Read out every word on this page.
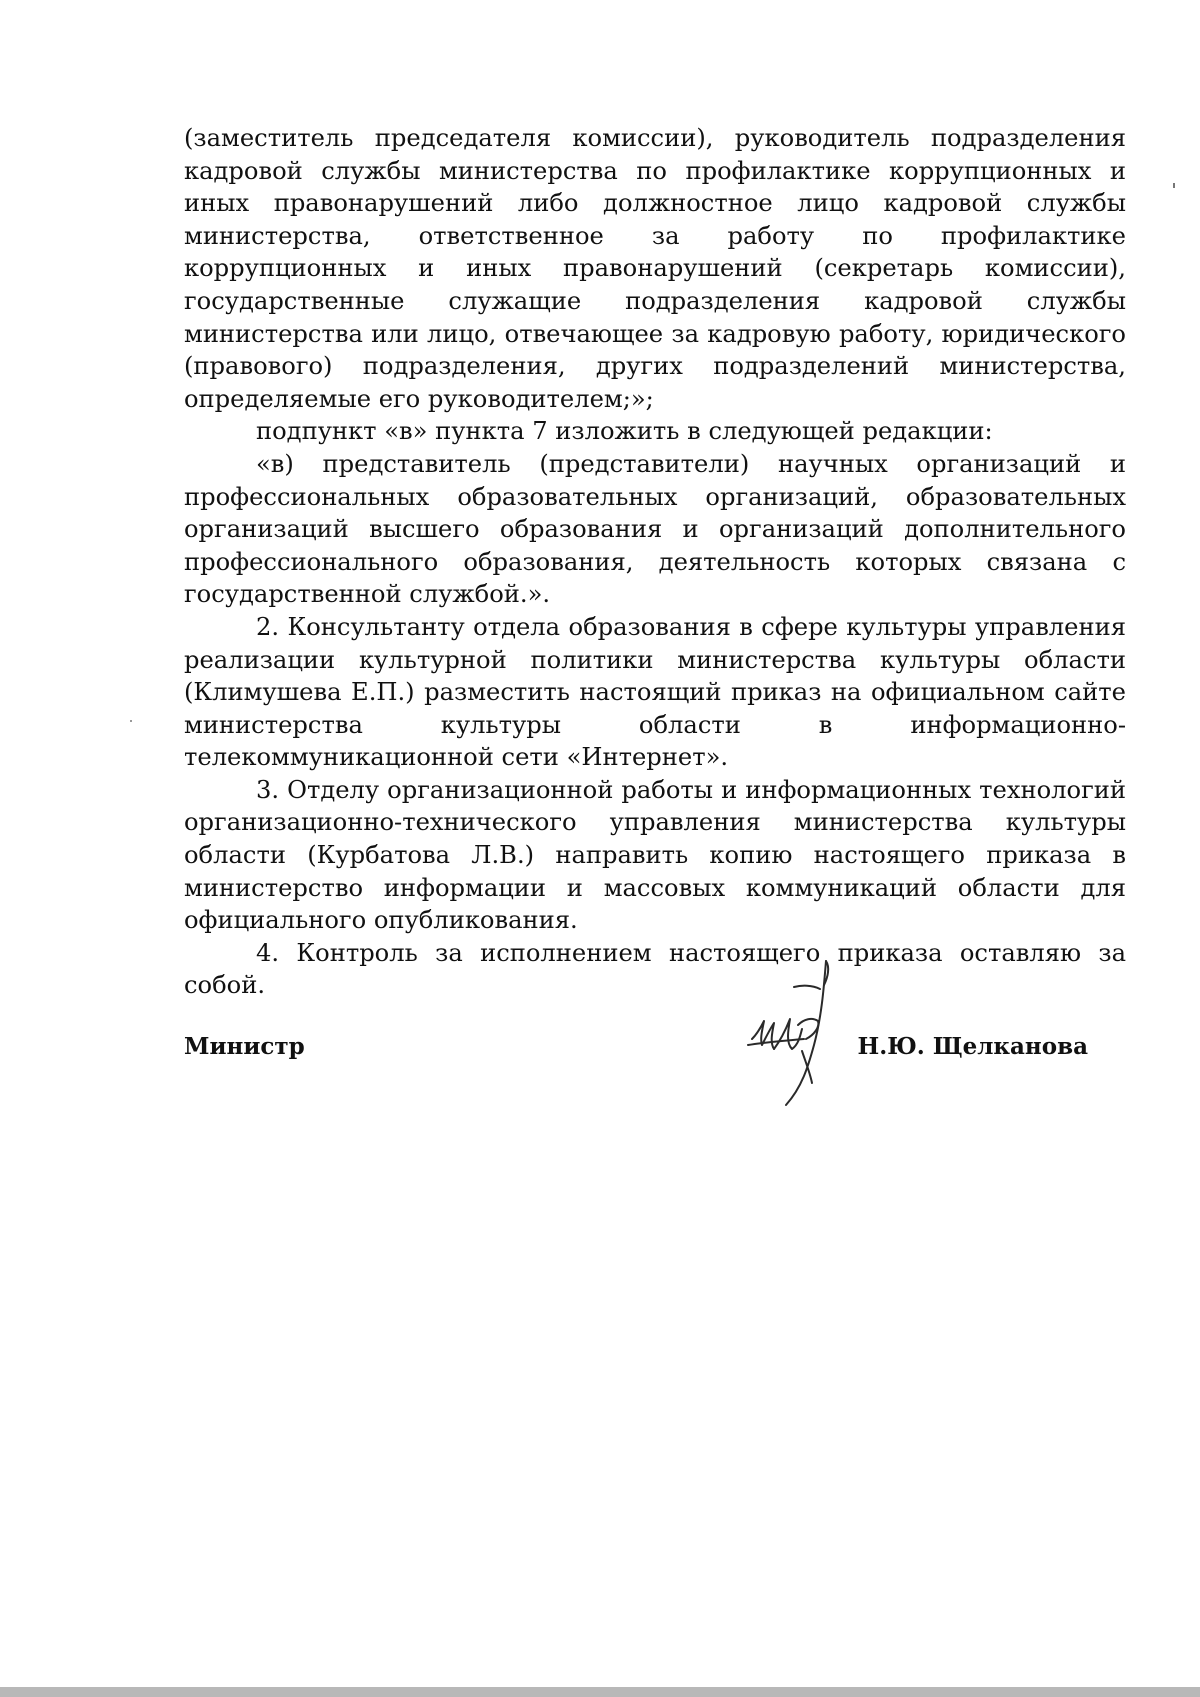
(заместитель председателя комиссии), руководитель подразделения кадровой службы министерства по профилактике коррупционных и иных правонарушений либо должностное лицо кадровой службы министерства, ответственное за работу по профилактике коррупционных и иных правонарушений (секретарь комиссии), государственные служащие подразделения кадровой службы министерства или лицо, отвечающее за кадровую работу, юридического (правового) подразделения, других подразделений министерства, определяемые его руководителем;»;

подпункт «в» пункта 7 изложить в следующей редакции:

«в) представитель (представители) научных организаций и профессиональных образовательных организаций, образовательных организаций высшего образования и организаций дополнительного профессионального образования, деятельность которых связана с государственной службой.».

2. Консультанту отдела образования в сфере культуры управления реализации культурной политики министерства культуры области (Климушева Е.П.) разместить настоящий приказ на официальном сайте министерства культуры области в информационно-телекоммуникационной сети «Интернет».

3. Отделу организационной работы и информационных технологий организационно-технического управления министерства культуры области (Курбатова Л.В.) направить копию настоящего приказа в министерство информации и массовых коммуникаций области для официального опубликования.

4. Контроль за исполнением настоящего приказа оставляю за собой.

Министр	Н.Ю. Щелканова
